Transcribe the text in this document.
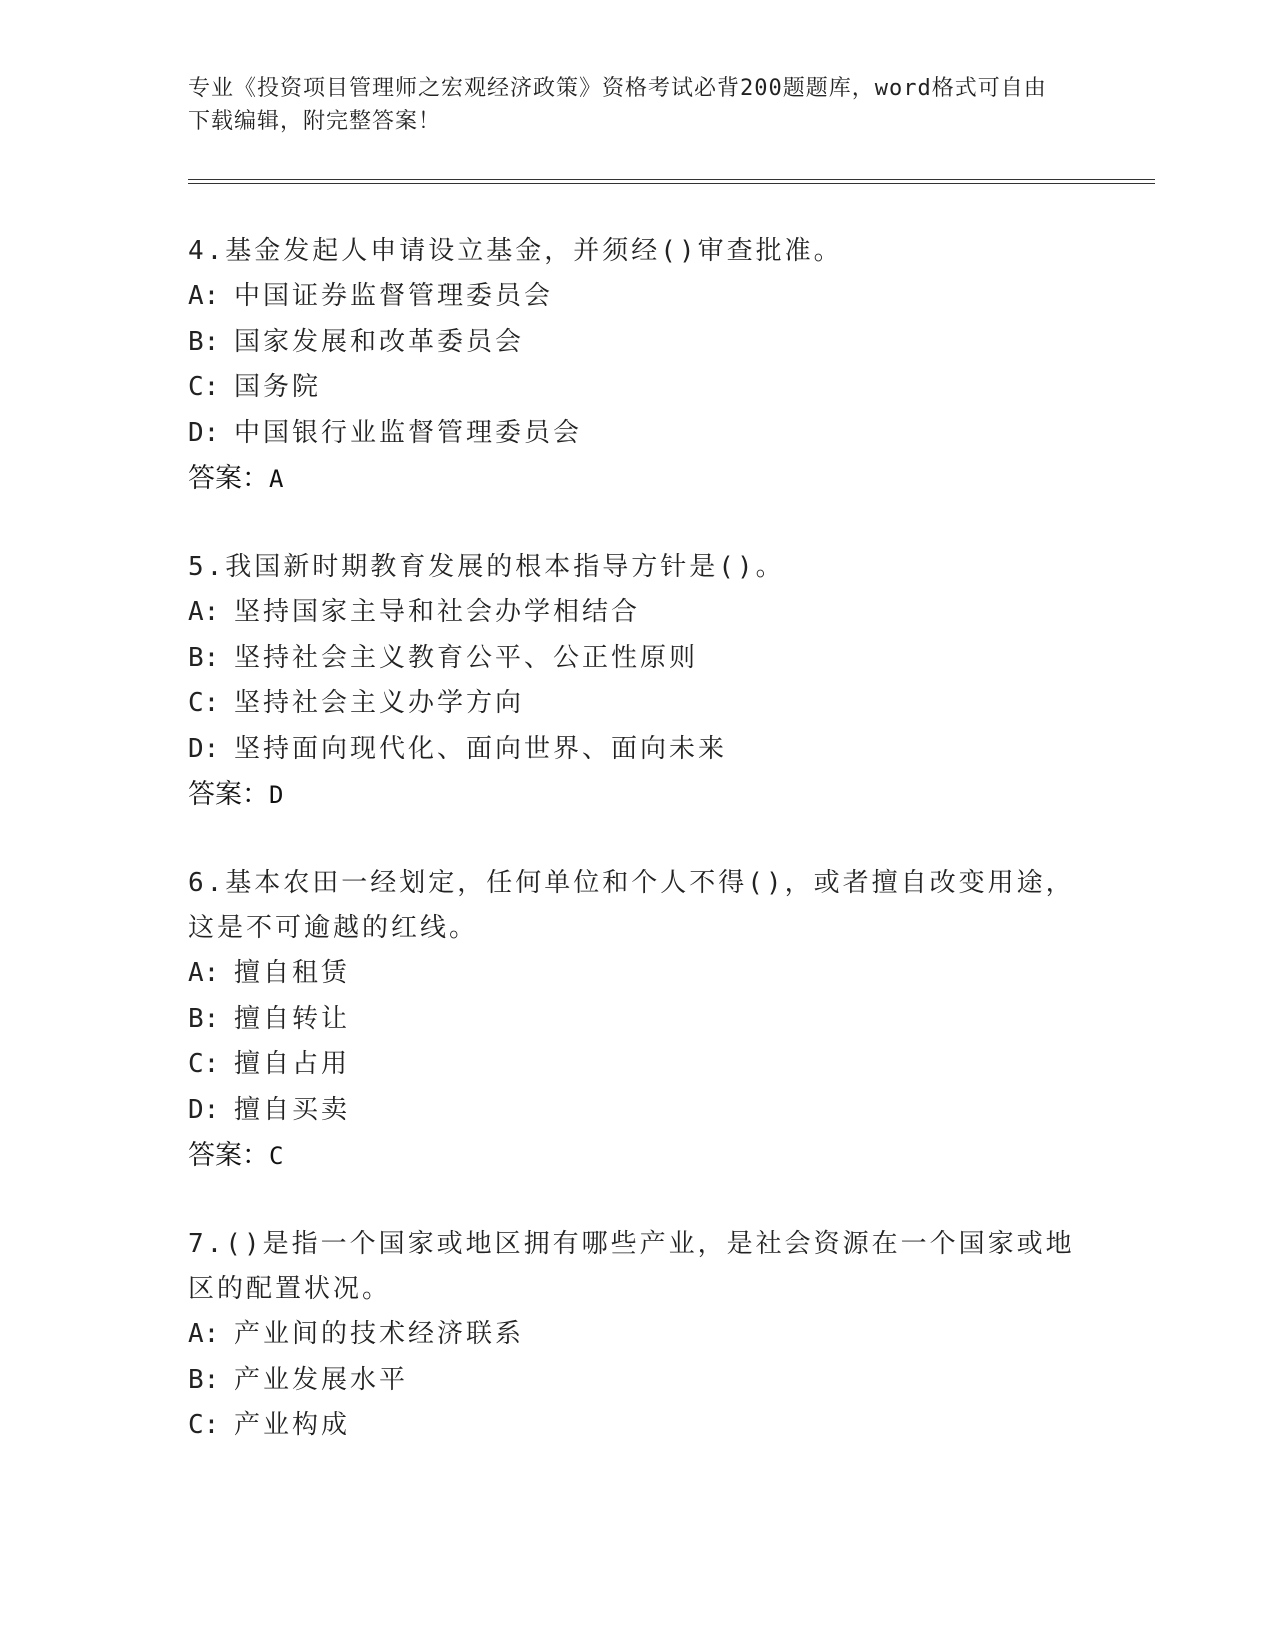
专业《投资项目管理师之宏观经济政策》资格考试必背200题题库，word格式可自由下载编辑，附完整答案！

4.基金发起人申请设立基金，并须经()审查批准。

A: 中国证券监督管理委员会

B: 国家发展和改革委员会

C: 国务院

D: 中国银行业监督管理委员会

答案：A

5.我国新时期教育发展的根本指导方针是()。

A: 坚持国家主导和社会办学相结合

B: 坚持社会主义教育公平、公正性原则

C: 坚持社会主义办学方向

D: 坚持面向现代化、面向世界、面向未来

答案：D

6.基本农田一经划定，任何单位和个人不得()，或者擅自改变用途，这是不可逾越的红线。

A: 擅自租赁

B: 擅自转让

C: 擅自占用

D: 擅自买卖

答案：C

7.()是指一个国家或地区拥有哪些产业，是社会资源在一个国家或地区的配置状况。

A: 产业间的技术经济联系

B: 产业发展水平

C: 产业构成
